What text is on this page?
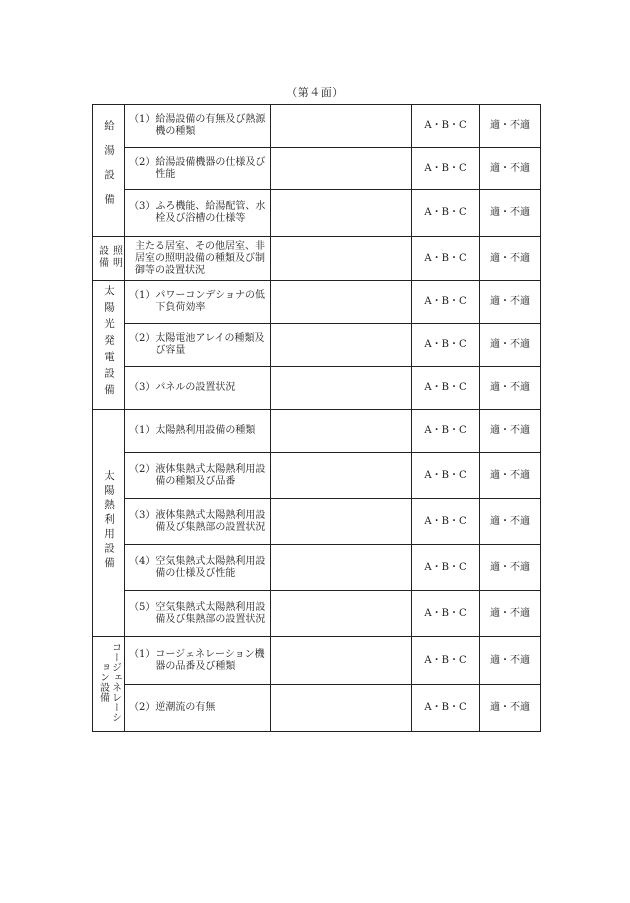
（第４面）
給湯設備	（1） 給湯設備の有無及び熱源機の種類		A・B・C	適・不適

	（2） 給湯設備機器の仕様及び性能		A・B・C	適・不適

	（3） ふろ機能、給湯配管、水栓及び浴槽の仕様等		A・B・C	適・不適
照明設備	主たる居室、その他居室、非居室の照明設備の種類及び制御等の設置状況		A・B・C	適・不適
太陽光発電設備	（1） パワーコンデショナの低下負荷効率		A・B・C	適・不適

	（2） 太陽電池アレイの種類及び容量		A・B・C	適・不適

	（3） パネルの設置状況		A・B・C	適・不適
太陽熱利用設備	（1） 太陽熱利用設備の種類		A・B・C	適・不適

	（2） 液体集熱式太陽熱利用設備の種類及び品番		A・B・C	適・不適

	（3） 液体集熱式太陽熱利用設備及び集熱部の設置状況		A・B・C	適・不適

	（4） 空気集熱式太陽熱利用設備の仕様及び性能		A・B・C	適・不適

	（5） 空気集熱式太陽熱利用設備及び集熱部の設置状況		A・B・C	適・不適
コージェネレーション設備	（1） コージェネレーション機器の品番及び種類		A・B・C	適・不適

	（2） 逆潮流の有無		A・B・C	適・不適
